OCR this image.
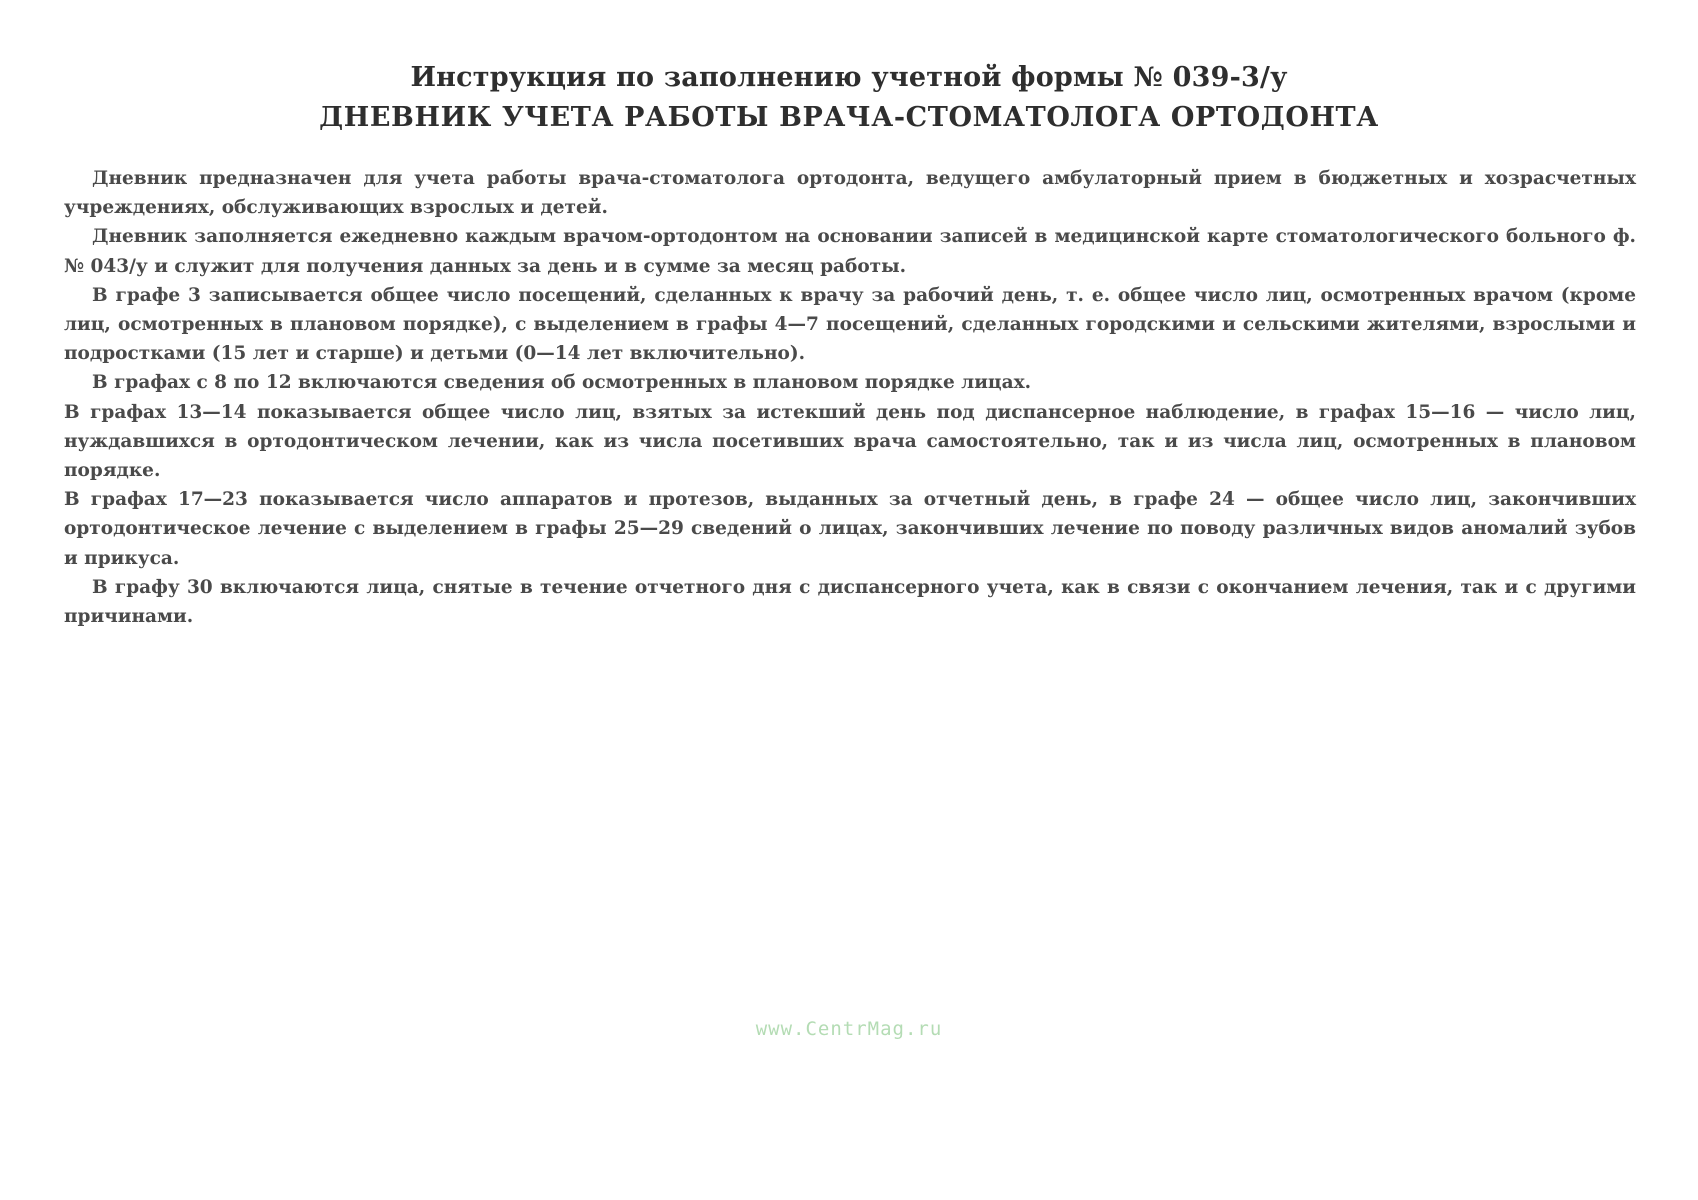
Инструкция по заполнению учетной формы № 039-3/у
ДНЕВНИК УЧЕТА РАБОТЫ ВРАЧА-СТОМАТОЛОГА ОРТОДОНТА

Дневник предназначен для учета работы врача-стоматолога ортодонта, ведущего амбулаторный прием в бюджетных и хозрасчетных учреждениях, обслуживающих взрослых и детей.

Дневник заполняется ежедневно каждым врачом-ортодонтом на основании записей в медицинской карте стоматологического больного ф. № 043/у и служит для получения данных за день и в сумме за месяц работы.

В графе 3 записывается общее число посещений, сделанных к врачу за рабочий день, т. е. общее число лиц, осмотренных врачом (кроме лиц, осмотренных в плановом порядке), с выделением в графы 4—7 посещений, сделанных городскими и сельскими жителями, взрослыми и подростками (15 лет и старше) и детьми (0—14 лет включительно).

В графах с 8 по 12 включаются сведения об осмотренных в плановом порядке лицах.

В графах 13—14 показывается общее число лиц, взятых за истекший день под диспансерное наблюдение, в графах 15—16 — число лиц, нуждавшихся в ортодонтическом лечении, как из числа посетивших врача самостоятельно, так и из числа лиц, осмотренных в плановом порядке.

В графах 17—23 показывается число аппаратов и протезов, выданных за отчетный день, в графе 24 — общее число лиц, закончивших ортодонтическое лечение с выделением в графы 25—29 сведений о лицах, закончивших лечение по поводу различных видов аномалий зубов и прикуса.

В графу 30 включаются лица, снятые в течение отчетного дня с диспансерного учета, как в связи с окончанием лечения, так и с другими причинами.

www.CentrMag.ru
